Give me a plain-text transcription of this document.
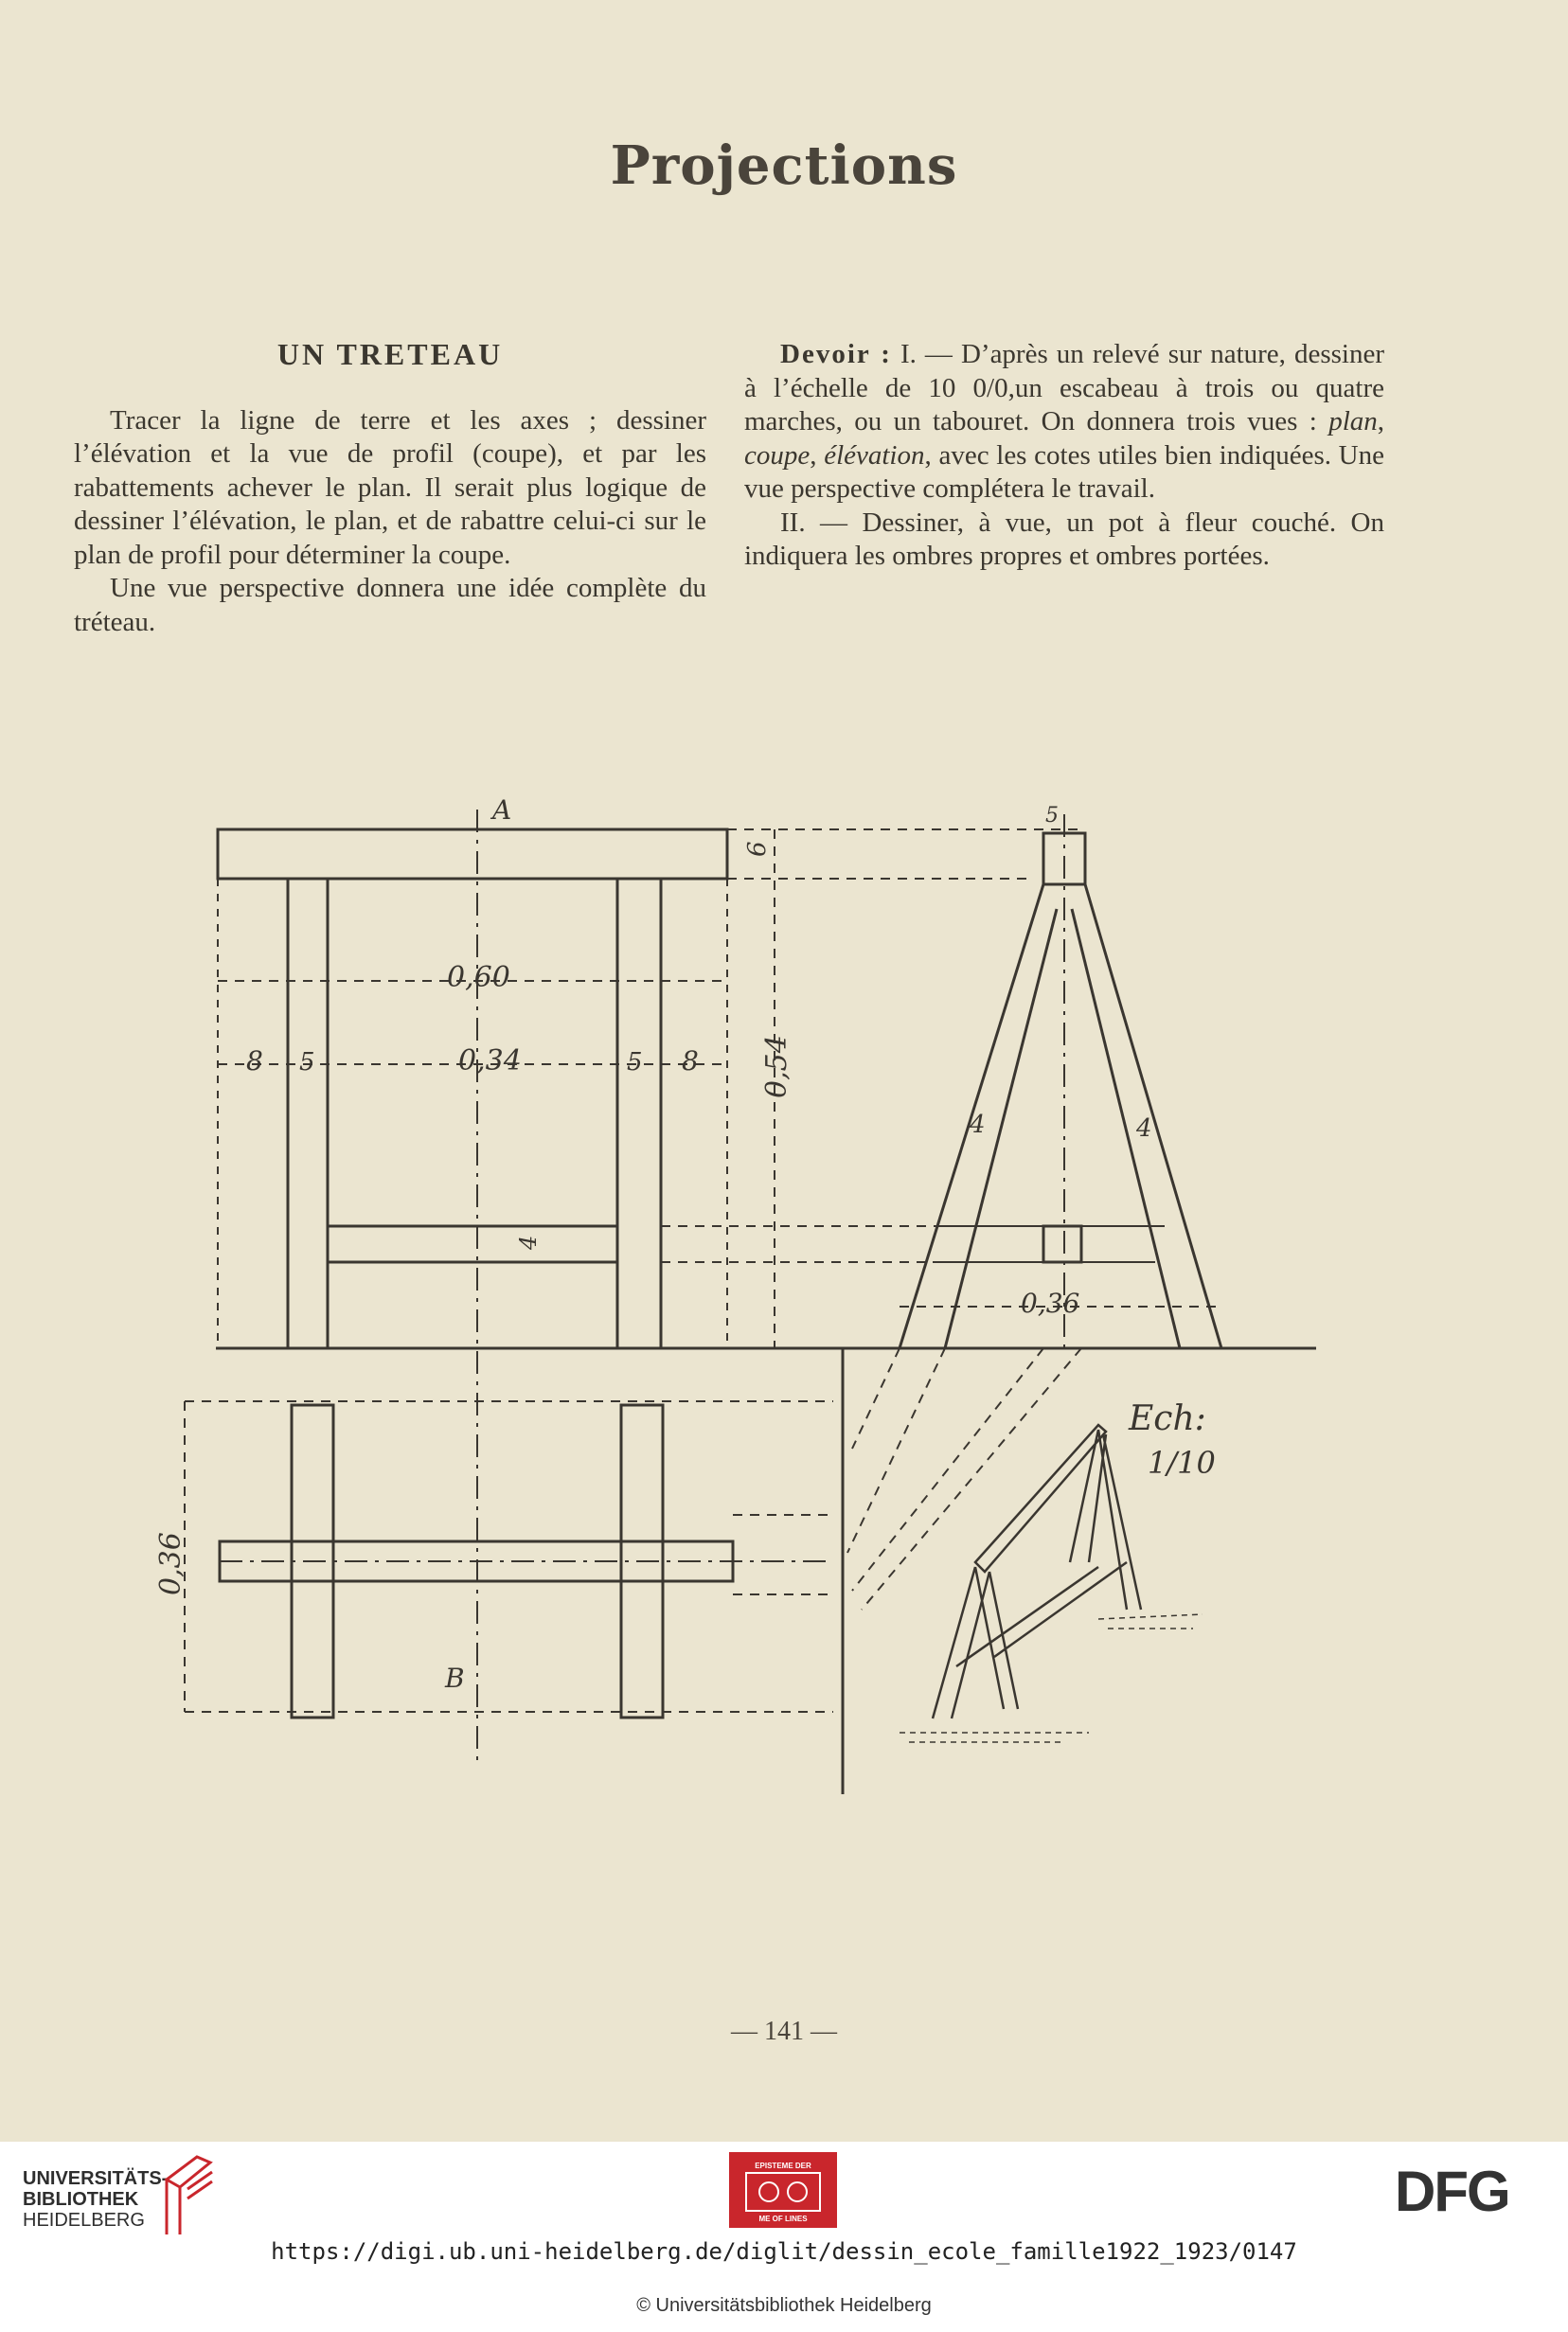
Projections
UN TRETEAU

Tracer la ligne de terre et les axes ; dessiner l’élévation et la vue de profil (coupe), et par les rabattements achever le plan. Il serait plus logique de dessiner l’élévation, le plan, et de rabattre celui-ci sur le plan de profil pour déterminer la coupe.

Une vue perspective donnera une idée complète du tréteau.

Devoir : I. — D’après un relevé sur nature, dessiner à l’échelle de 10 0/0,un escabeau à trois ou quatre marches, ou un tabouret. On donnera trois vues : plan, coupe, élévation, avec les cotes utiles bien indiquées. Une vue perspective complétera le travail.

II. — Dessiner, à vue, un pot à fleur couché. On indiquera les ombres propres et ombres portées.

A
B
0,60
0,34
8 5	5 8 0,54
6
4
4	4
0,36
0,36
5
Ech:
1/10
— 141 —
UNIVERSITÄTS-
BIBLIOTHEK
HEIDELBERG
EPISTEME DER
ME OF LINES	DFG
https://digi.ub.uni-heidelberg.de/diglit/dessin_ecole_famille1922_1923/0147
© Universitätsbibliothek Heidelberg
